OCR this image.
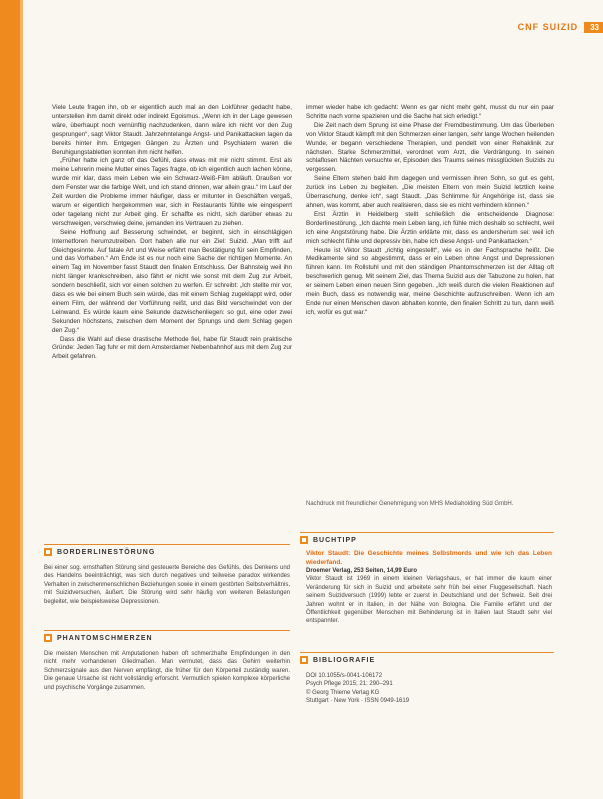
CNF SUIZID	33

Viele Leute fragen ihn, ob er eigentlich auch mal an den Lokführer gedacht habe, unterstellen ihm damit direkt oder indirekt Egoismus. „Wenn ich in der Lage gewesen wäre, überhaupt noch vernünftig nachzudenken, dann wäre ich nicht vor den Zug gesprungen“, sagt Viktor Staudt. Jahrzehntelange Angst- und Panikattacken lagen da bereits hinter ihm. Entgegen Gängen zu Ärzten und Psychiatern waren die Beruhigungstabletten konnten ihm nicht helfen.

„Früher hatte ich ganz oft das Gefühl, dass etwas mit mir nicht stimmt. Erst als meine Lehrerin meine Mutter eines Tages fragte, ob ich eigentlich auch lachen könne, wurde mir klar, dass mein Leben wie ein Schwarz-Weiß-Film abläuft. Draußen vor dem Fenster war die farbige Welt, und ich stand drinnen, war allein grau.“ Im Lauf der Zeit wurden die Probleme immer häufiger, dass er mitunter in Geschäften vergaß, warum er eigentlich hergekommen war, sich in Restaurants fühlte wie eingesperrt oder tagelang nicht zur Arbeit ging. Er schaffte es nicht, sich darüber etwas zu verschweigen, verschwieg deine, jemanden ins Vertrauen zu ziehen.

Seine Hoffnung auf Besserung schwindet, er beginnt, sich in einschlägigen Internetforen herumzutreiben. Dort haben alle nur ein Ziel: Suizid. „Man trifft auf Gleichgesinnte. Auf fatale Art und Weise erfährt man Bestätigung für sein Empfinden, und das Vorhaben.“ Am Ende ist es nur noch eine Sache der richtigen Momente. An einem Tag im November fasst Staudt den finalen Entschluss. Der Bahnsteig weil ihn nicht länger krankschreiben, also fährt er nicht wie sonst mit dem Zug zur Arbeit, sondern beschließt, sich vor einen solchen zu werfen. Er schreibt: „Ich stellte mir vor, dass es wie bei einem Buch sein würde, das mit einem Schlag zugeklappt wird, oder einem Film, der während der Vorführung reißt, und das Bild verschwindet von der Leinwand. Es würde kaum eine Sekunde dazwischenliegen: so gut, eine oder zwei Sekunden höchstens, zwischen dem Moment der Sprungs und dem Schlag gegen den Zug.“

Dass die Wahl auf diese drastische Methode fiel, habe für Staudt rein praktische Gründe: Jeden Tag fuhr er mit dem Amsterdamer Nebenbahnhof aus mit dem Zug zur Arbeit gefahren.

immer wieder habe ich gedacht: Wenn es gar nicht mehr geht, musst du nur ein paar Schritte nach vorne spazieren und die Sache hat sich erledigt.“

Die Zeit nach dem Sprung ist eine Phase der Fremdbestimmung. Um das Überleben von Viktor Staudt kämpft mit den Schmerzen einer langen, sehr lange Wochen heilenden Wunde, er begann verschiedene Therapien, und pendelt von einer Rehaklinik zur nächsten. Starke Schmerzmittel, verordnet vom Arzt, die Verdrängung. In seinen schlaflosen Nächten versuchte er, Episoden des Traums seines missglückten Suizids zu vergessen.

Seine Eltern stehen bald ihm dagegen und vermissen ihren Sohn, so gut es geht, zurück ins Leben zu begleiten. „Die meisten Eltern von mein Suizid letztlich keine Überraschung, denke ich“, sagt Staudt. „Das Schlimme für Angehörige ist, dass sie ahnen, was kommt, aber auch realisieren, dass sie es nicht verhindern können.“

Erst Ärztin in Heidelberg stellt schließlich die entscheidende Diagnose: Borderlinestörung. „Ich dachte mein Leben lang, ich fühle mich deshalb so schlecht, weil ich eine Angststörung habe. Die Ärztin erklärte mir, dass es andersherum sei: weil ich mich schlecht fühle und depressiv bin, habe ich diese Angst- und Panikattacken.“

Heute ist Viktor Staudt „richtig eingestellt“, wie es in der Fachsprache heißt. Die Medikamente sind so abgestimmt, dass er ein Leben ohne Angst und Depressionen führen kann. Im Rollstuhl und mit den ständigen Phantomschmerzen ist der Alltag oft beschwerlich genug. Mit seinem Ziel, das Thema Suizid aus der Tabuzone zu holen, hat er seinem Leben einen neuen Sinn gegeben. „Ich weiß durch die vielen Reaktionen auf mein Buch, dass es notwendig war, meine Geschichte aufzuschreiben. Wenn ich am Ende nur einen Menschen davon abhalten konnte, den finalen Schritt zu tun, dann weiß ich, wofür es gut war.“

Nachdruck mit freundlicher Genehmigung von MHS Mediaholding Süd GmbH.
BORDERLINESTÖRUNG
Bei einer sog. ernsthaften Störung sind gesteuerte Bereiche des Gefühls, des Denkens und des Handelns beeinträchtigt, was sich durch negatives und teilweise paradox wirkendes Verhalten in zwischenmenschlichen Beziehungen sowie in einem gestörten Selbstverhältnis, mit Suizidversuchen, äußert. Die Störung wird sehr häufig von weiteren Belastungen begleitet, wie beispielsweise Depressionen.
PHANTOMSCHMERZEN
Die meisten Menschen mit Amputationen haben oft schmerzhafte Empfindungen in den nicht mehr vorhandenen Gliedmaßen. Man vermutet, dass das Gehirn weiterhin Schmerzsignale aus den Nerven empfängt, die früher für den Körperteil zuständig waren. Die genaue Ursache ist nicht vollständig erforscht. Vermutlich spielen komplexe körperliche und psychische Vorgänge zusammen.
BUCHTIPP
Viktor Staudt: Die Geschichte meines Selbstmords und wie ich das Leben wiederfand.
Droemer Verlag, 253 Seiten, 14,99 Euro
Viktor Staudt ist 1969 in einem kleinen Verlagshaus, er hat immer die kaum einer Veränderung für sich in Suizid und arbeitete sehr früh bei einer Fluggesellschaft. Nach seinem Suizidversuch (1999) lebte er zuerst in Deutschland und der Schweiz. Seit drei Jahren wohnt er in Italien, in der Nähe von Bologna. Die Familie erfährt und der Öffentlichkeit gegenüber Menschen mit Behinderung ist in Italien laut Staudt sehr viel entspannter.
BIBLIOGRAFIE
DOI 10.1055/s-0041-106172
Psych Pflege 2015; 21: 290–291
© Georg Thieme Verlag KG
Stuttgart · New York · ISSN 0949-1619
